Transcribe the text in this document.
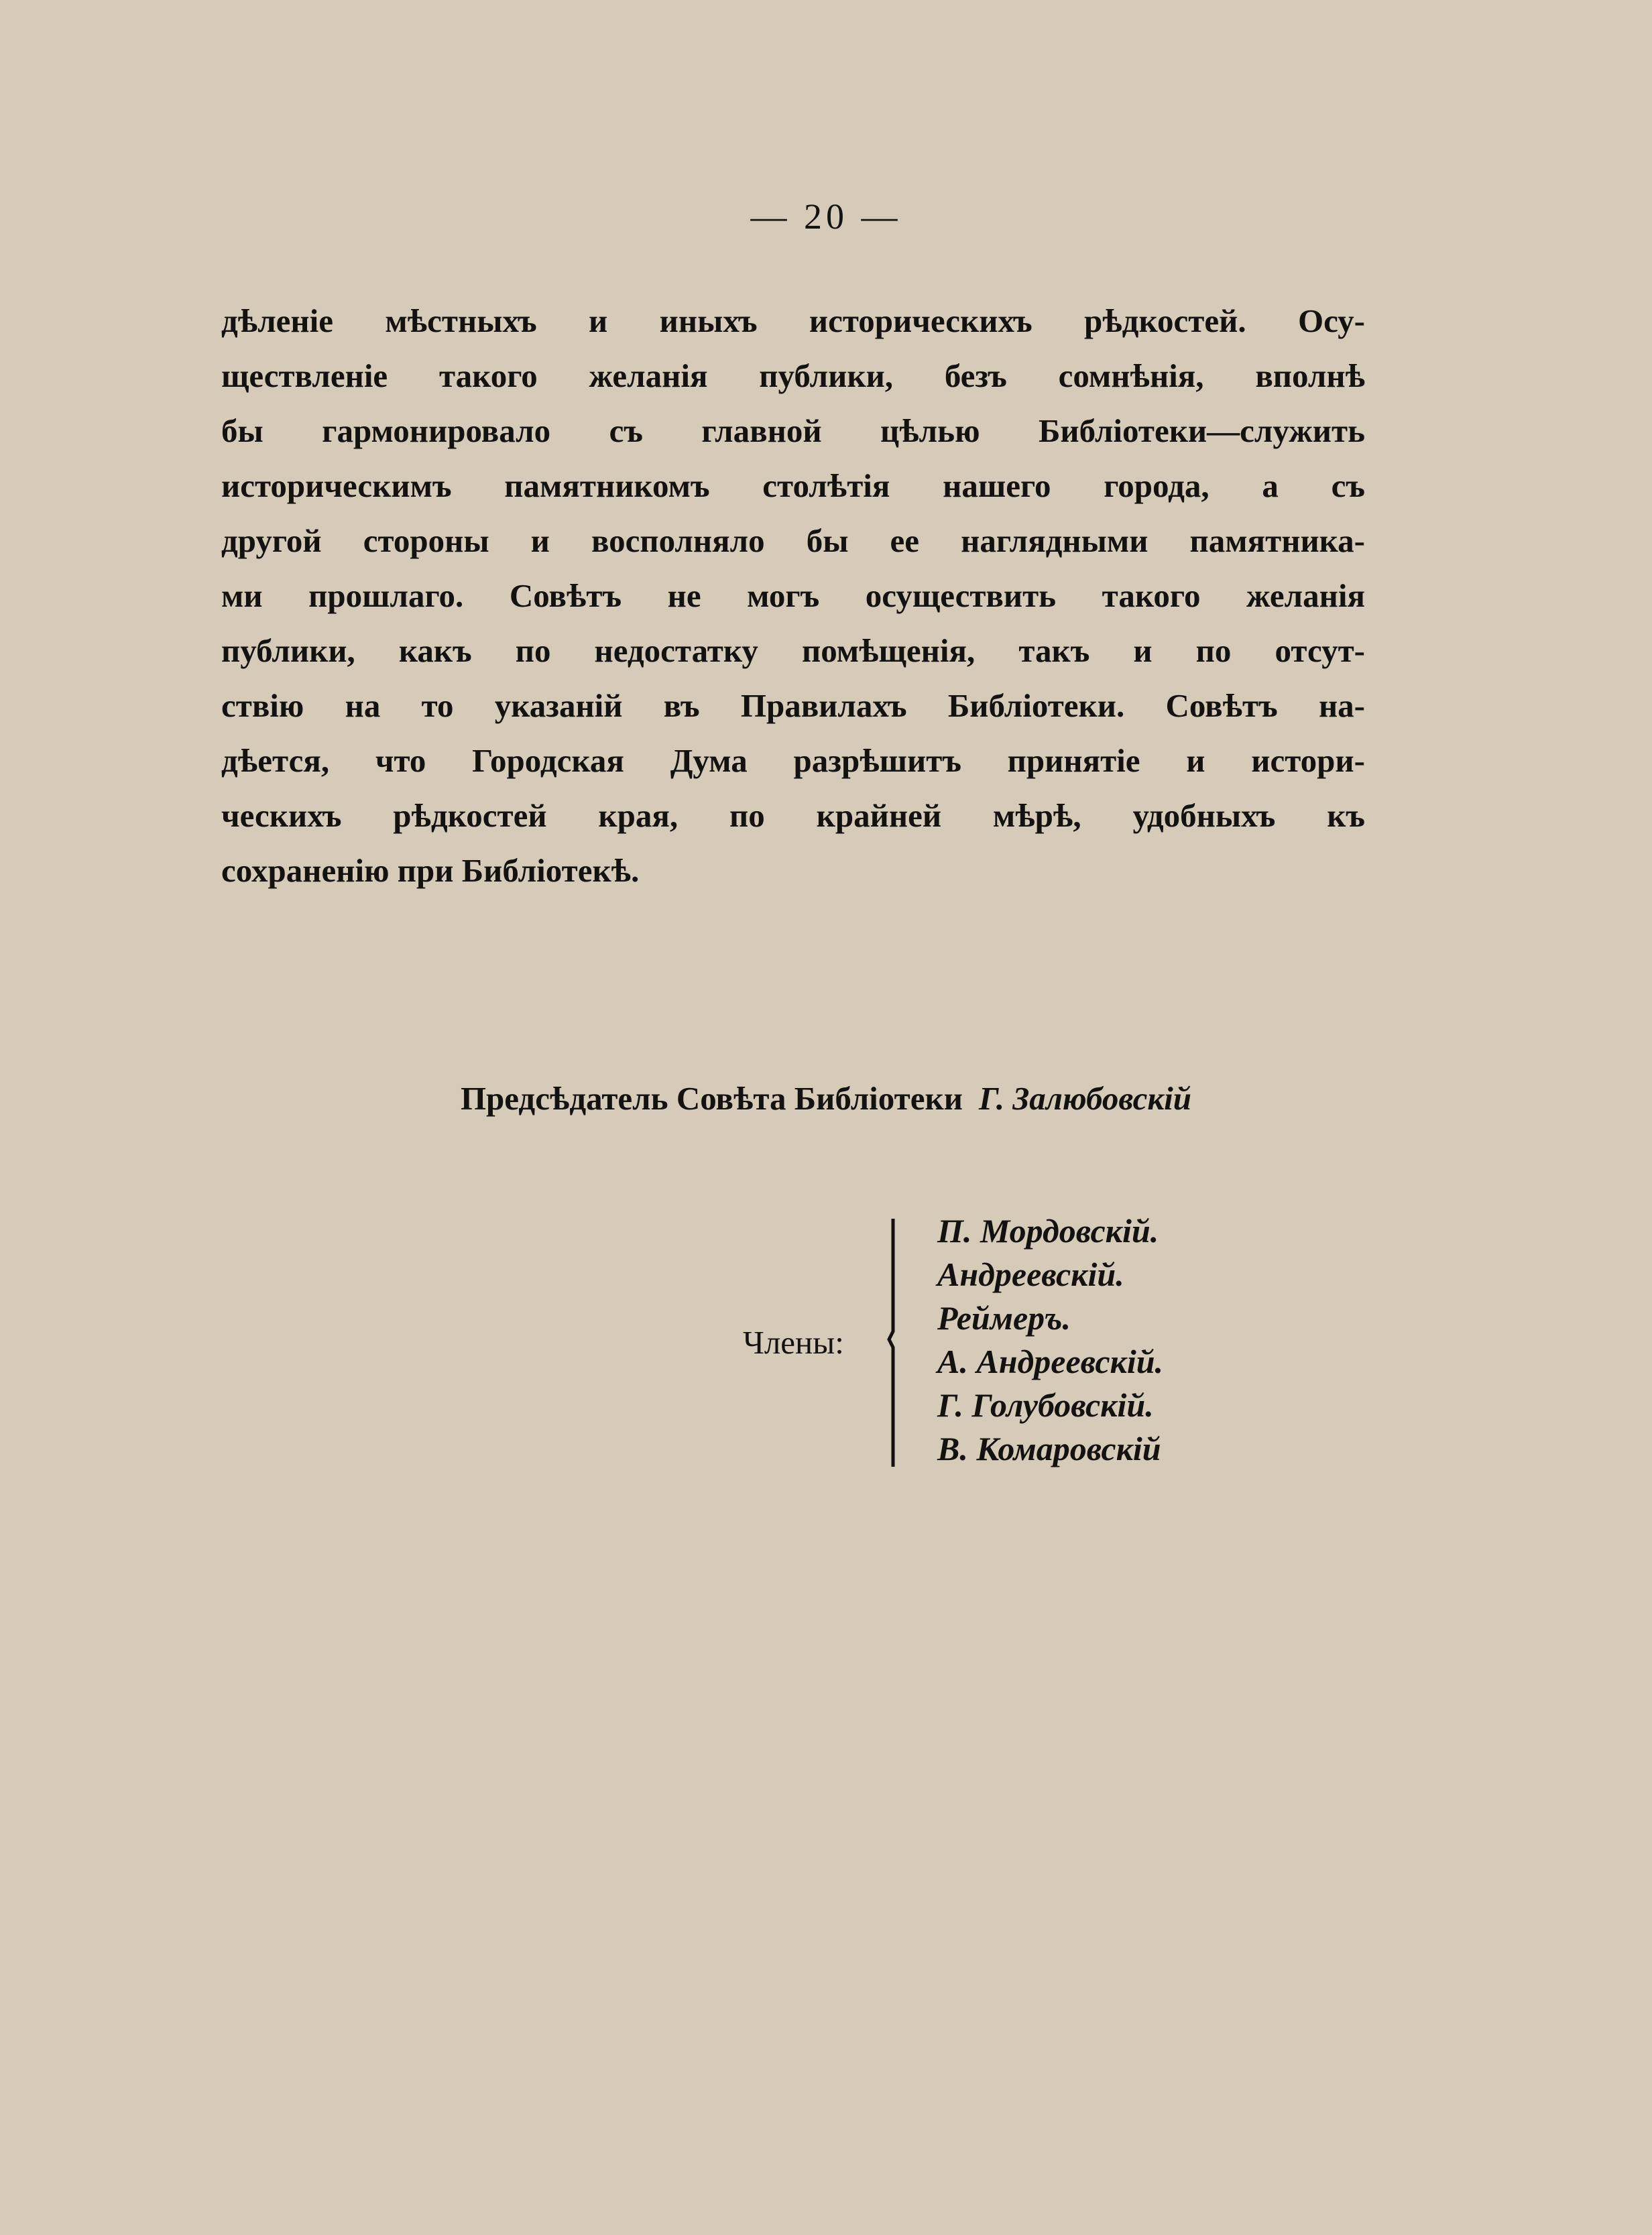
— 20 —
дѣленіе мѣстныхъ и иныхъ историческихъ рѣдкостей. Осу-
ществленіе такого желанія публики, безъ сомнѣнія, вполнѣ
бы гармонировало съ главной цѣлью Библіотеки—служить
историческимъ памятникомъ столѣтія нашего города, а съ
другой стороны и восполняло бы ее наглядными памятника-
ми прошлаго. Совѣтъ не могъ осуществить такого желанія
публики, какъ по недостатку помѣщенія, такъ и по отсут-
ствію на то указаній въ Правилахъ Библіотеки. Совѣтъ на-
дѣется, что Городская Дума разрѣшитъ принятіе и истори-
ческихъ рѣдкостей края, по крайней мѣрѣ, удобныхъ къ
сохраненію при Библіотекѣ.
Предсѣдатель Совѣта Библіотеки Г. Залюбовскій
Члены:
П. Мордовскій.
Андреевскій.
Реймеръ.
А. Андреевскій.
Г. Голубовскій.
В. Комаровскій
